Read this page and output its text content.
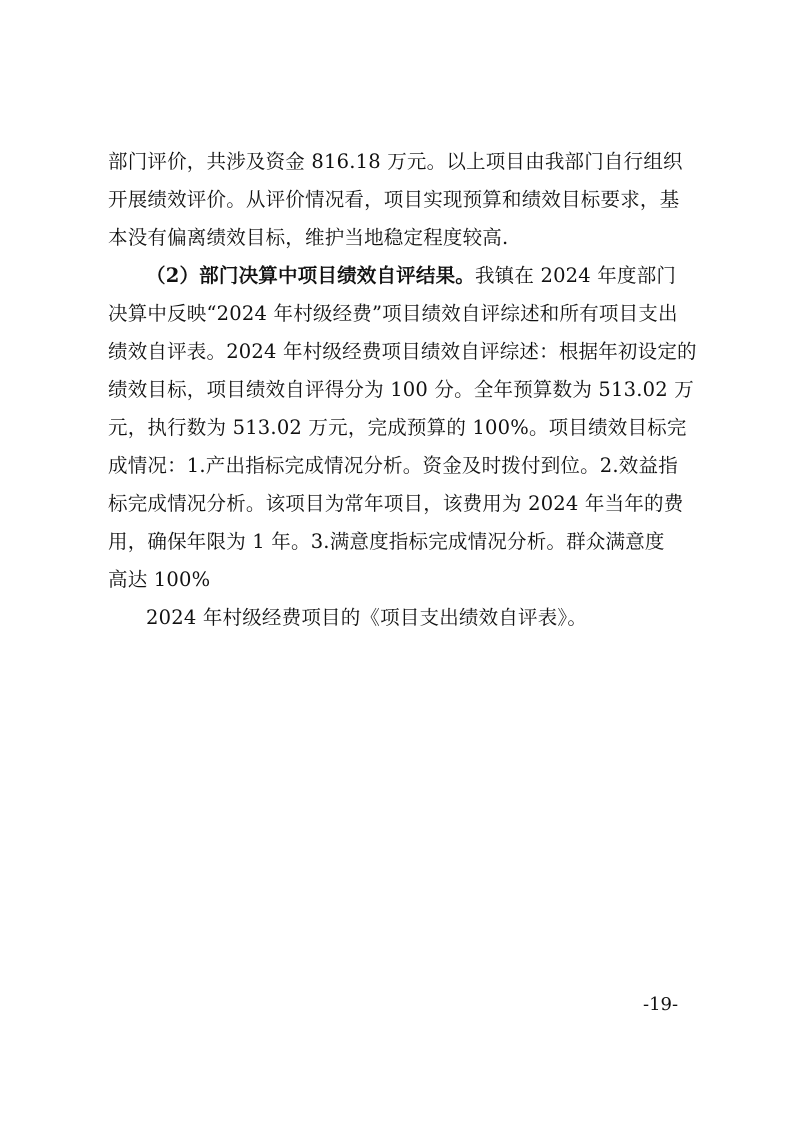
部门评价，共涉及资金 816.18 万元。以上项目由我部门自行组织
开展绩效评价。从评价情况看，项目实现预算和绩效目标要求，基
本没有偏离绩效目标，维护当地稳定程度较高.
（2）部门决算中项目绩效自评结果。我镇在 2024 年度部门
决算中反映“2024 年村级经费”项目绩效自评综述和所有项目支出
绩效自评表。2024 年村级经费项目绩效自评综述：根据年初设定的
绩效目标，项目绩效自评得分为 100 分。全年预算数为 513.02 万
元，执行数为 513.02 万元，完成预算的 100%。项目绩效目标完
成情况：1.产出指标完成情况分析。资金及时拨付到位。2.效益指
标完成情况分析。该项目为常年项目，该费用为 2024 年当年的费
用，确保年限为 1 年。3.满意度指标完成情况分析。群众满意度
高达 100%
2024 年村级经费项目的《项目支出绩效自评表》。
-19-
